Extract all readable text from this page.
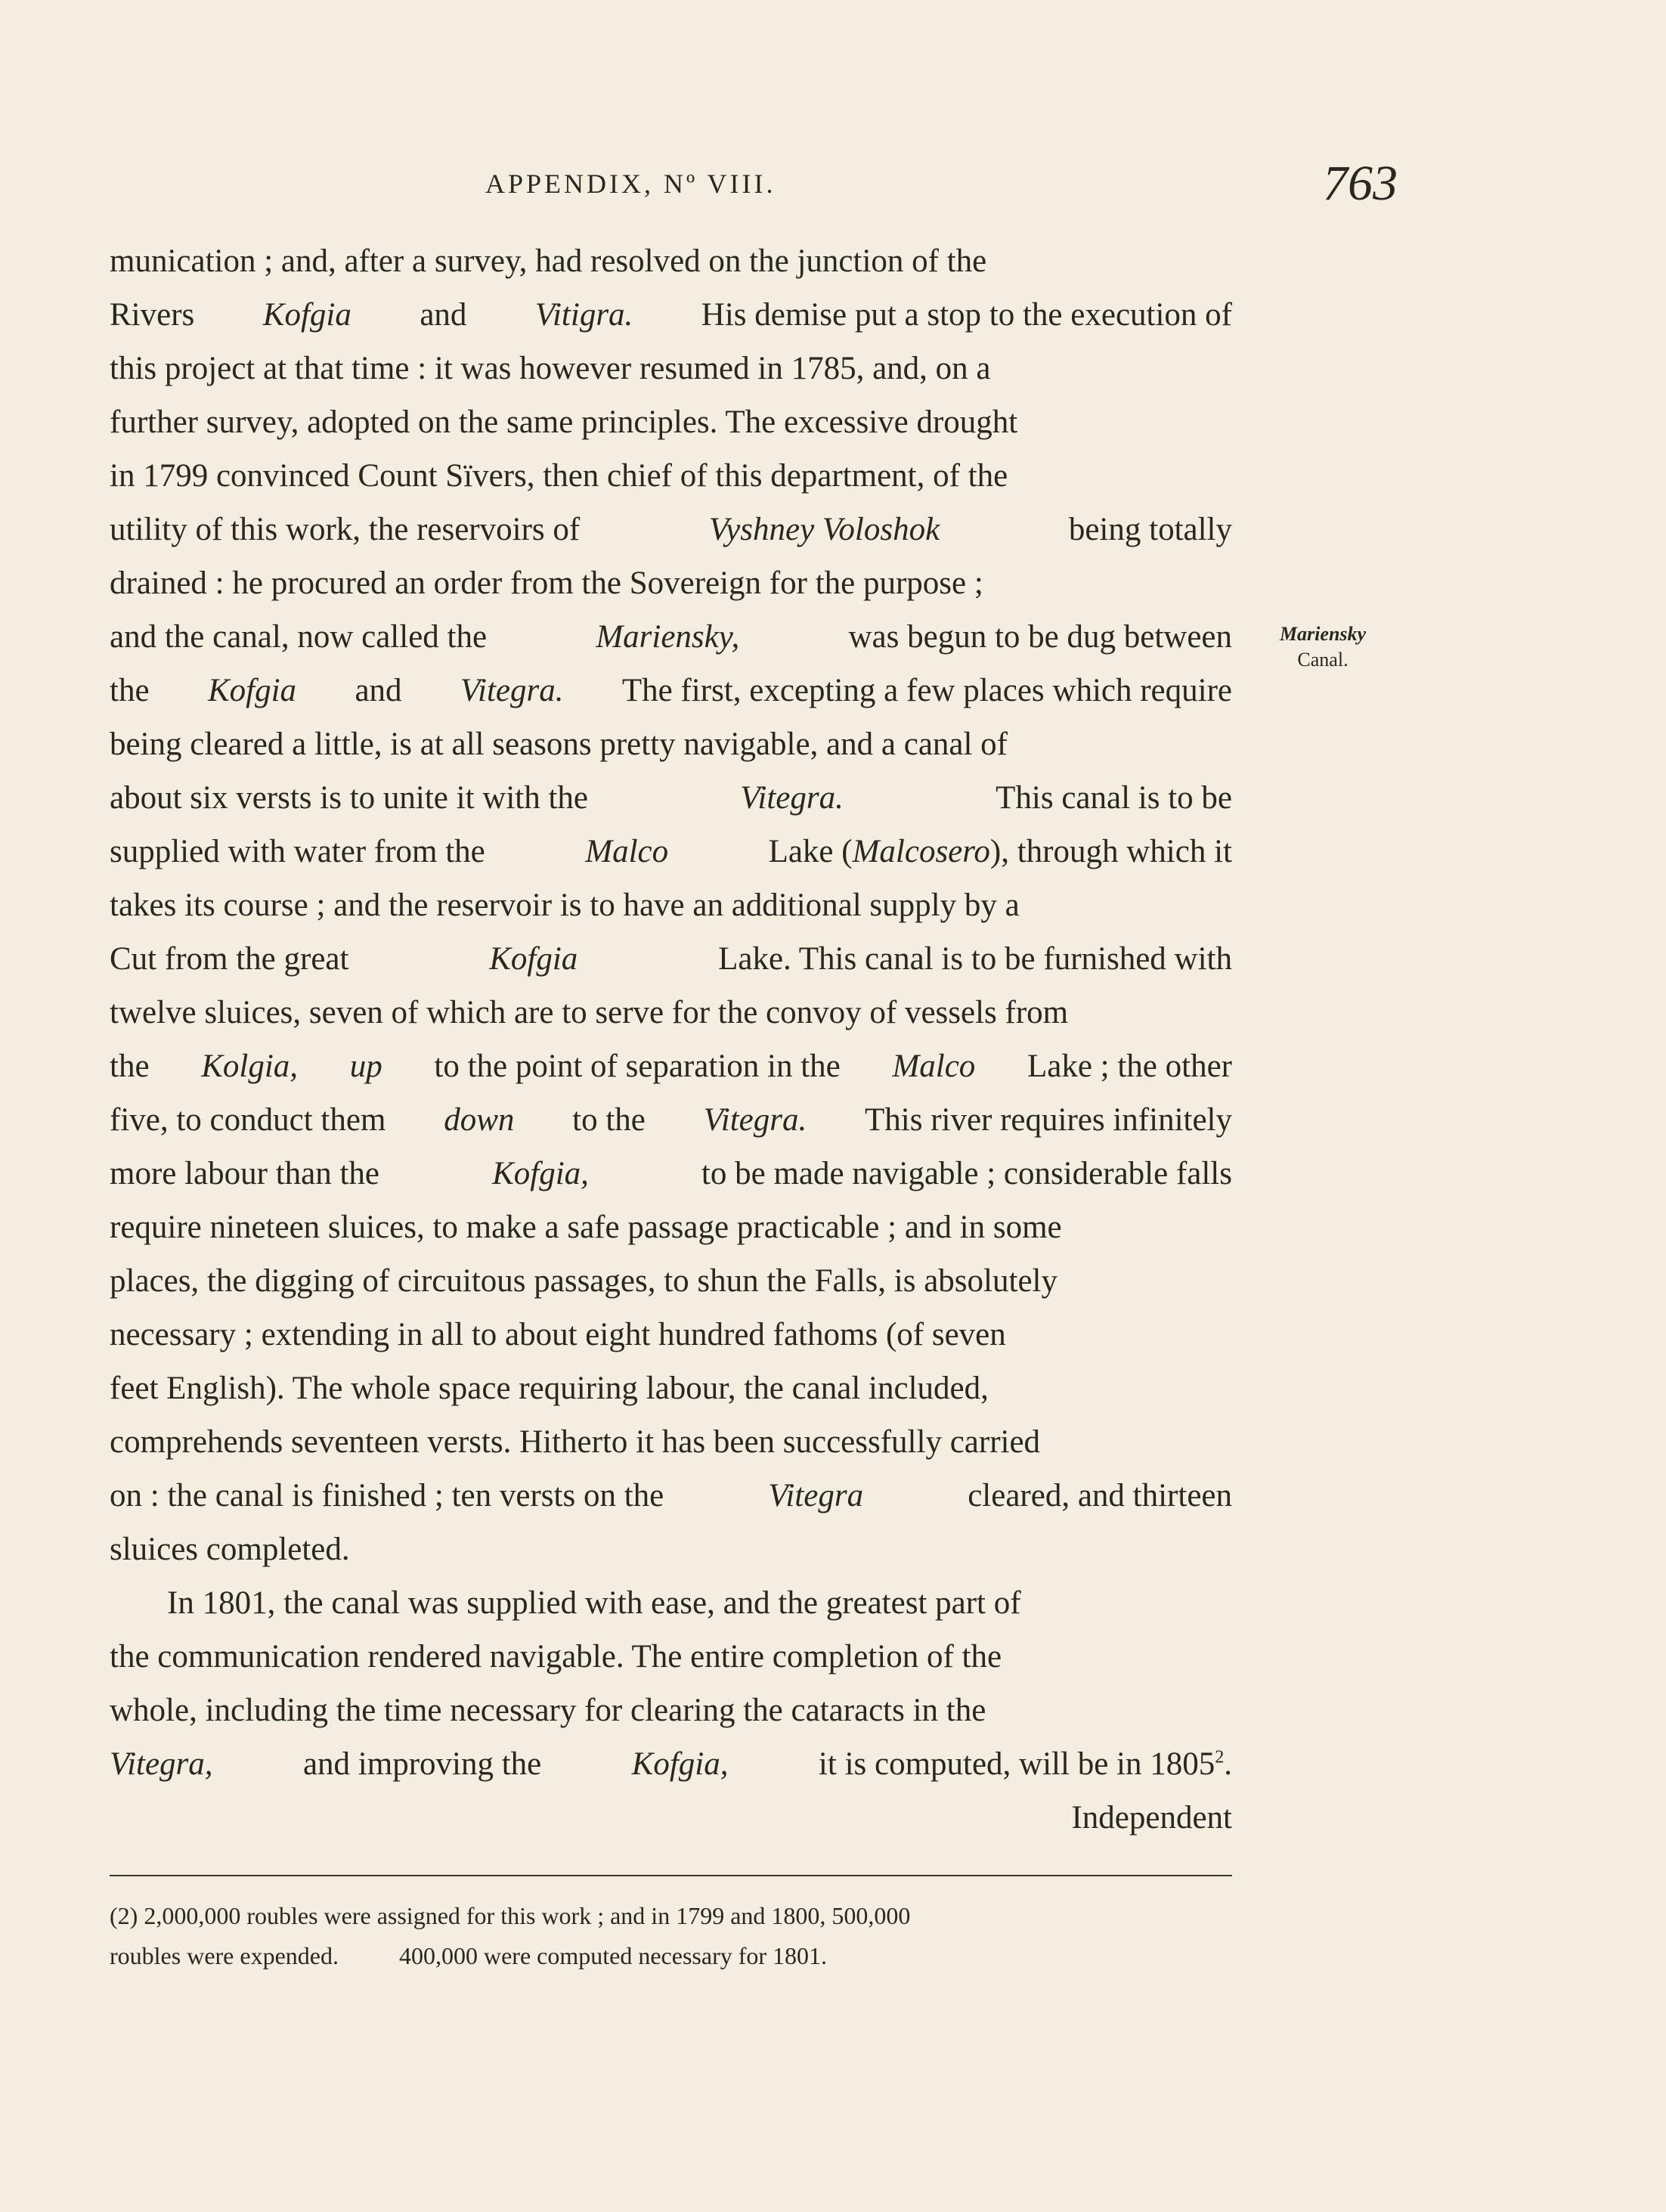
APPENDIX, Nº VIII.	763
Mariensky
Canal.
munication ; and, after a survey, had resolved on the junction of the
Rivers Kofgia and Vitigra. His demise put a stop to the execution of
this project at that time : it was however resumed in 1785, and, on a
further survey, adopted on the same principles. The excessive drought
in 1799 convinced Count Sïvers, then chief of this department, of the
utility of this work, the reservoirs of	Vyshney Voloshok	being totally
drained : he procured an order from the Sovereign for the purpose ;
and the canal, now called the	Mariensky,	was begun to be dug between
the Kofgia and Vitegra. The first, excepting a few places which require
being cleared a little, is at all seasons pretty navigable, and a canal of
about six versts is to unite it with the	Vitegra.	This canal is to be
supplied with water from the	Malco	Lake (Malcosero), through which it
takes its course ; and the reservoir is to have an additional supply by a
Cut from the great	Kofgia	Lake. This canal is to be furnished with
twelve sluices, seven of which are to serve for the convoy of vessels from
the Kolgia, up to the point of separation in the Malco Lake ; the other
five, to conduct them down to the Vitegra. This river requires infinitely
more labour than the	Kofgia,	to be made navigable ; considerable falls
require nineteen sluices, to make a safe passage practicable ; and in some
places, the digging of circuitous passages, to shun the Falls, is absolutely
necessary ; extending in all to about eight hundred fathoms (of seven
feet English). The whole space requiring labour, the canal included,
comprehends seventeen versts. Hitherto it has been successfully carried
on : the canal is finished ; ten versts on the	Vitegra	cleared, and thirteen
sluices completed.
In 1801, the canal was supplied with ease, and the greatest part of
the communication rendered navigable. The entire completion of the
whole, including the time necessary for clearing the cataracts in the
Vitegra,	and improving the	Kofgia,	it is computed, will be in 1805$^2$.
Independent
(2) 2,000,000 roubles were assigned for this work ; and in 1799 and 1800, 500,000
roubles were expended.	400,000 were computed necessary for 1801.
